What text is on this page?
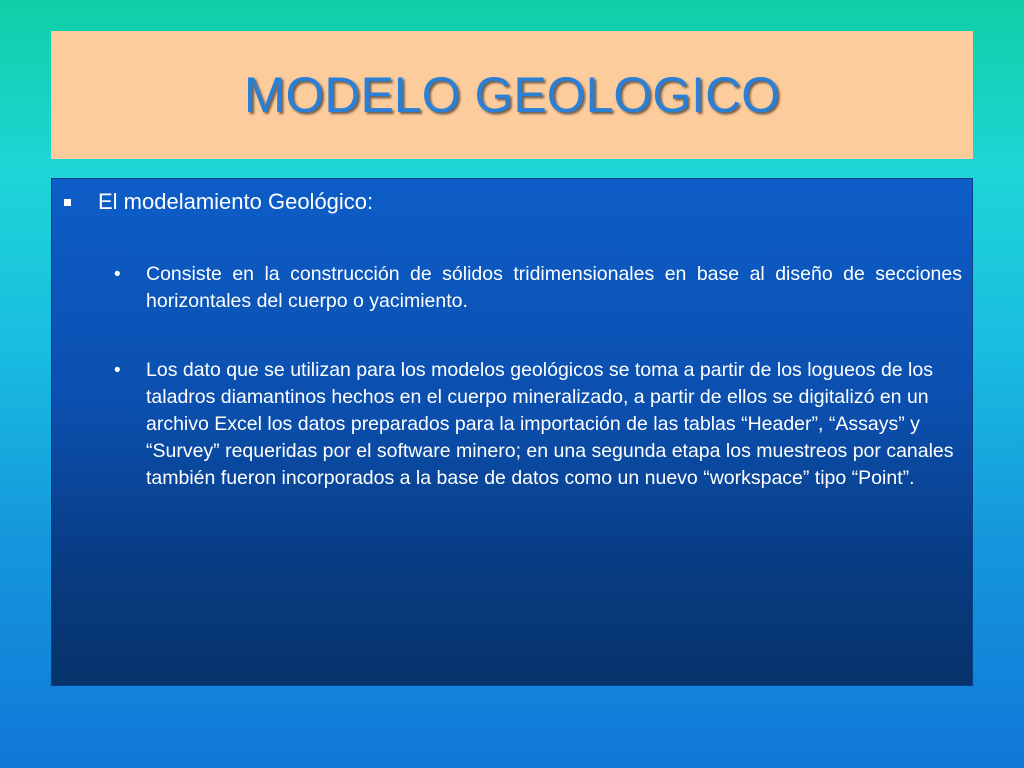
MODELO GEOLOGICO
El modelamiento Geológico:
•	Consiste en la construcción de sólidos tridimensionales en base al diseño de secciones horizontales del cuerpo o yacimiento.
•	Los dato que se utilizan para los modelos geológicos se toma a partir de los logueos de los taladros diamantinos hechos en el cuerpo mineralizado, a partir de ellos se digitalizó en un archivo Excel los datos preparados para la importación de las tablas “Header”, “Assays” y “Survey” requeridas por el software minero; en una segunda etapa los muestreos por canales también fueron incorporados a la base de datos como un nuevo “workspace” tipo “Point”.
